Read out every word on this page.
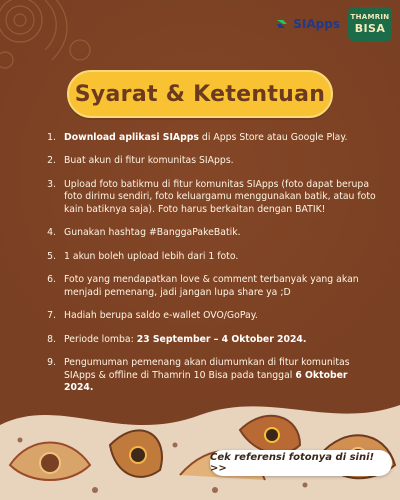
SIApps THAMRIN
BISA
Syarat & Ketentuan
1. Download aplikasi SIApps di Apps Store atau Google Play.
2. Buat akun di fitur komunitas SIApps.
3. Upload foto batikmu di fitur komunitas SIApps (foto dapat berupa foto dirimu sendiri, foto keluargamu menggunakan batik, atau foto kain batiknya saja). Foto harus berkaitan dengan BATIK!
4. Gunakan hashtag #BanggaPakeBatik.
5. 1 akun boleh upload lebih dari 1 foto.
6. Foto yang mendapatkan love & comment terbanyak yang akan menjadi pemenang, jadi jangan lupa share ya ;D
7. Hadiah berupa saldo e-wallet OVO/GoPay.
8. Periode lomba: 23 September – 4 Oktober 2024.
9. Pengumuman pemenang akan diumumkan di fitur komunitas SIApps & offline di Thamrin 10 Bisa pada tanggal 6 Oktober 2024.
Cek referensi fotonya di sini! >>
